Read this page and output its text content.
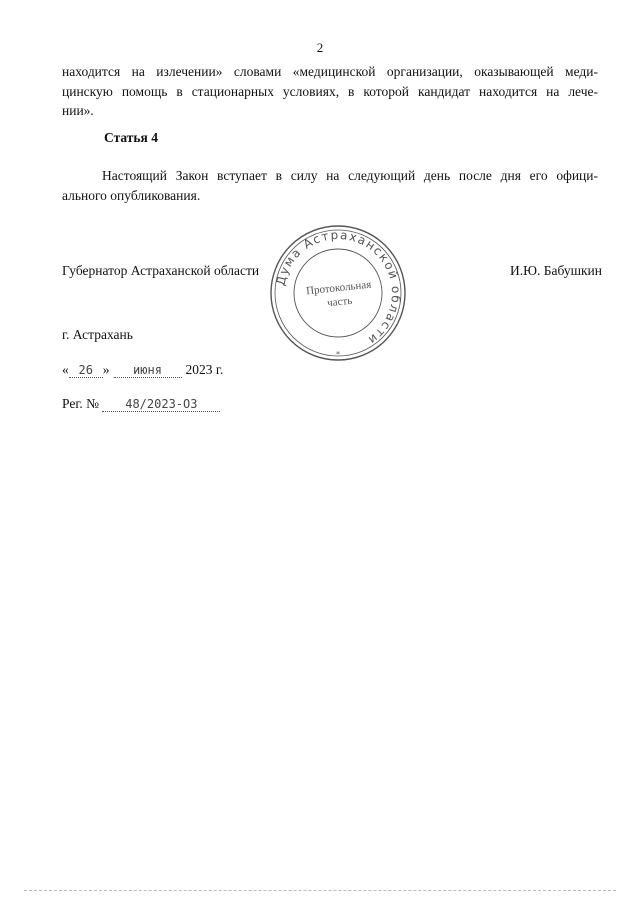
2
находится на излечении» словами «медицинской организации, оказывающей меди-
цинскую помощь в стационарных условиях, в которой кандидат находится на лече-
нии».
Статья 4
Настоящий Закон вступает в силу на следующий день после дня его офици-
ального опубликования.
Губернатор Астраханской области	И.Ю. Бабушкин
Дума Астраханской области
Протокольная
часть
*
г. Астрахань
« 26 » июня 2023 г.
Рег. № 48/2023-ОЗ
